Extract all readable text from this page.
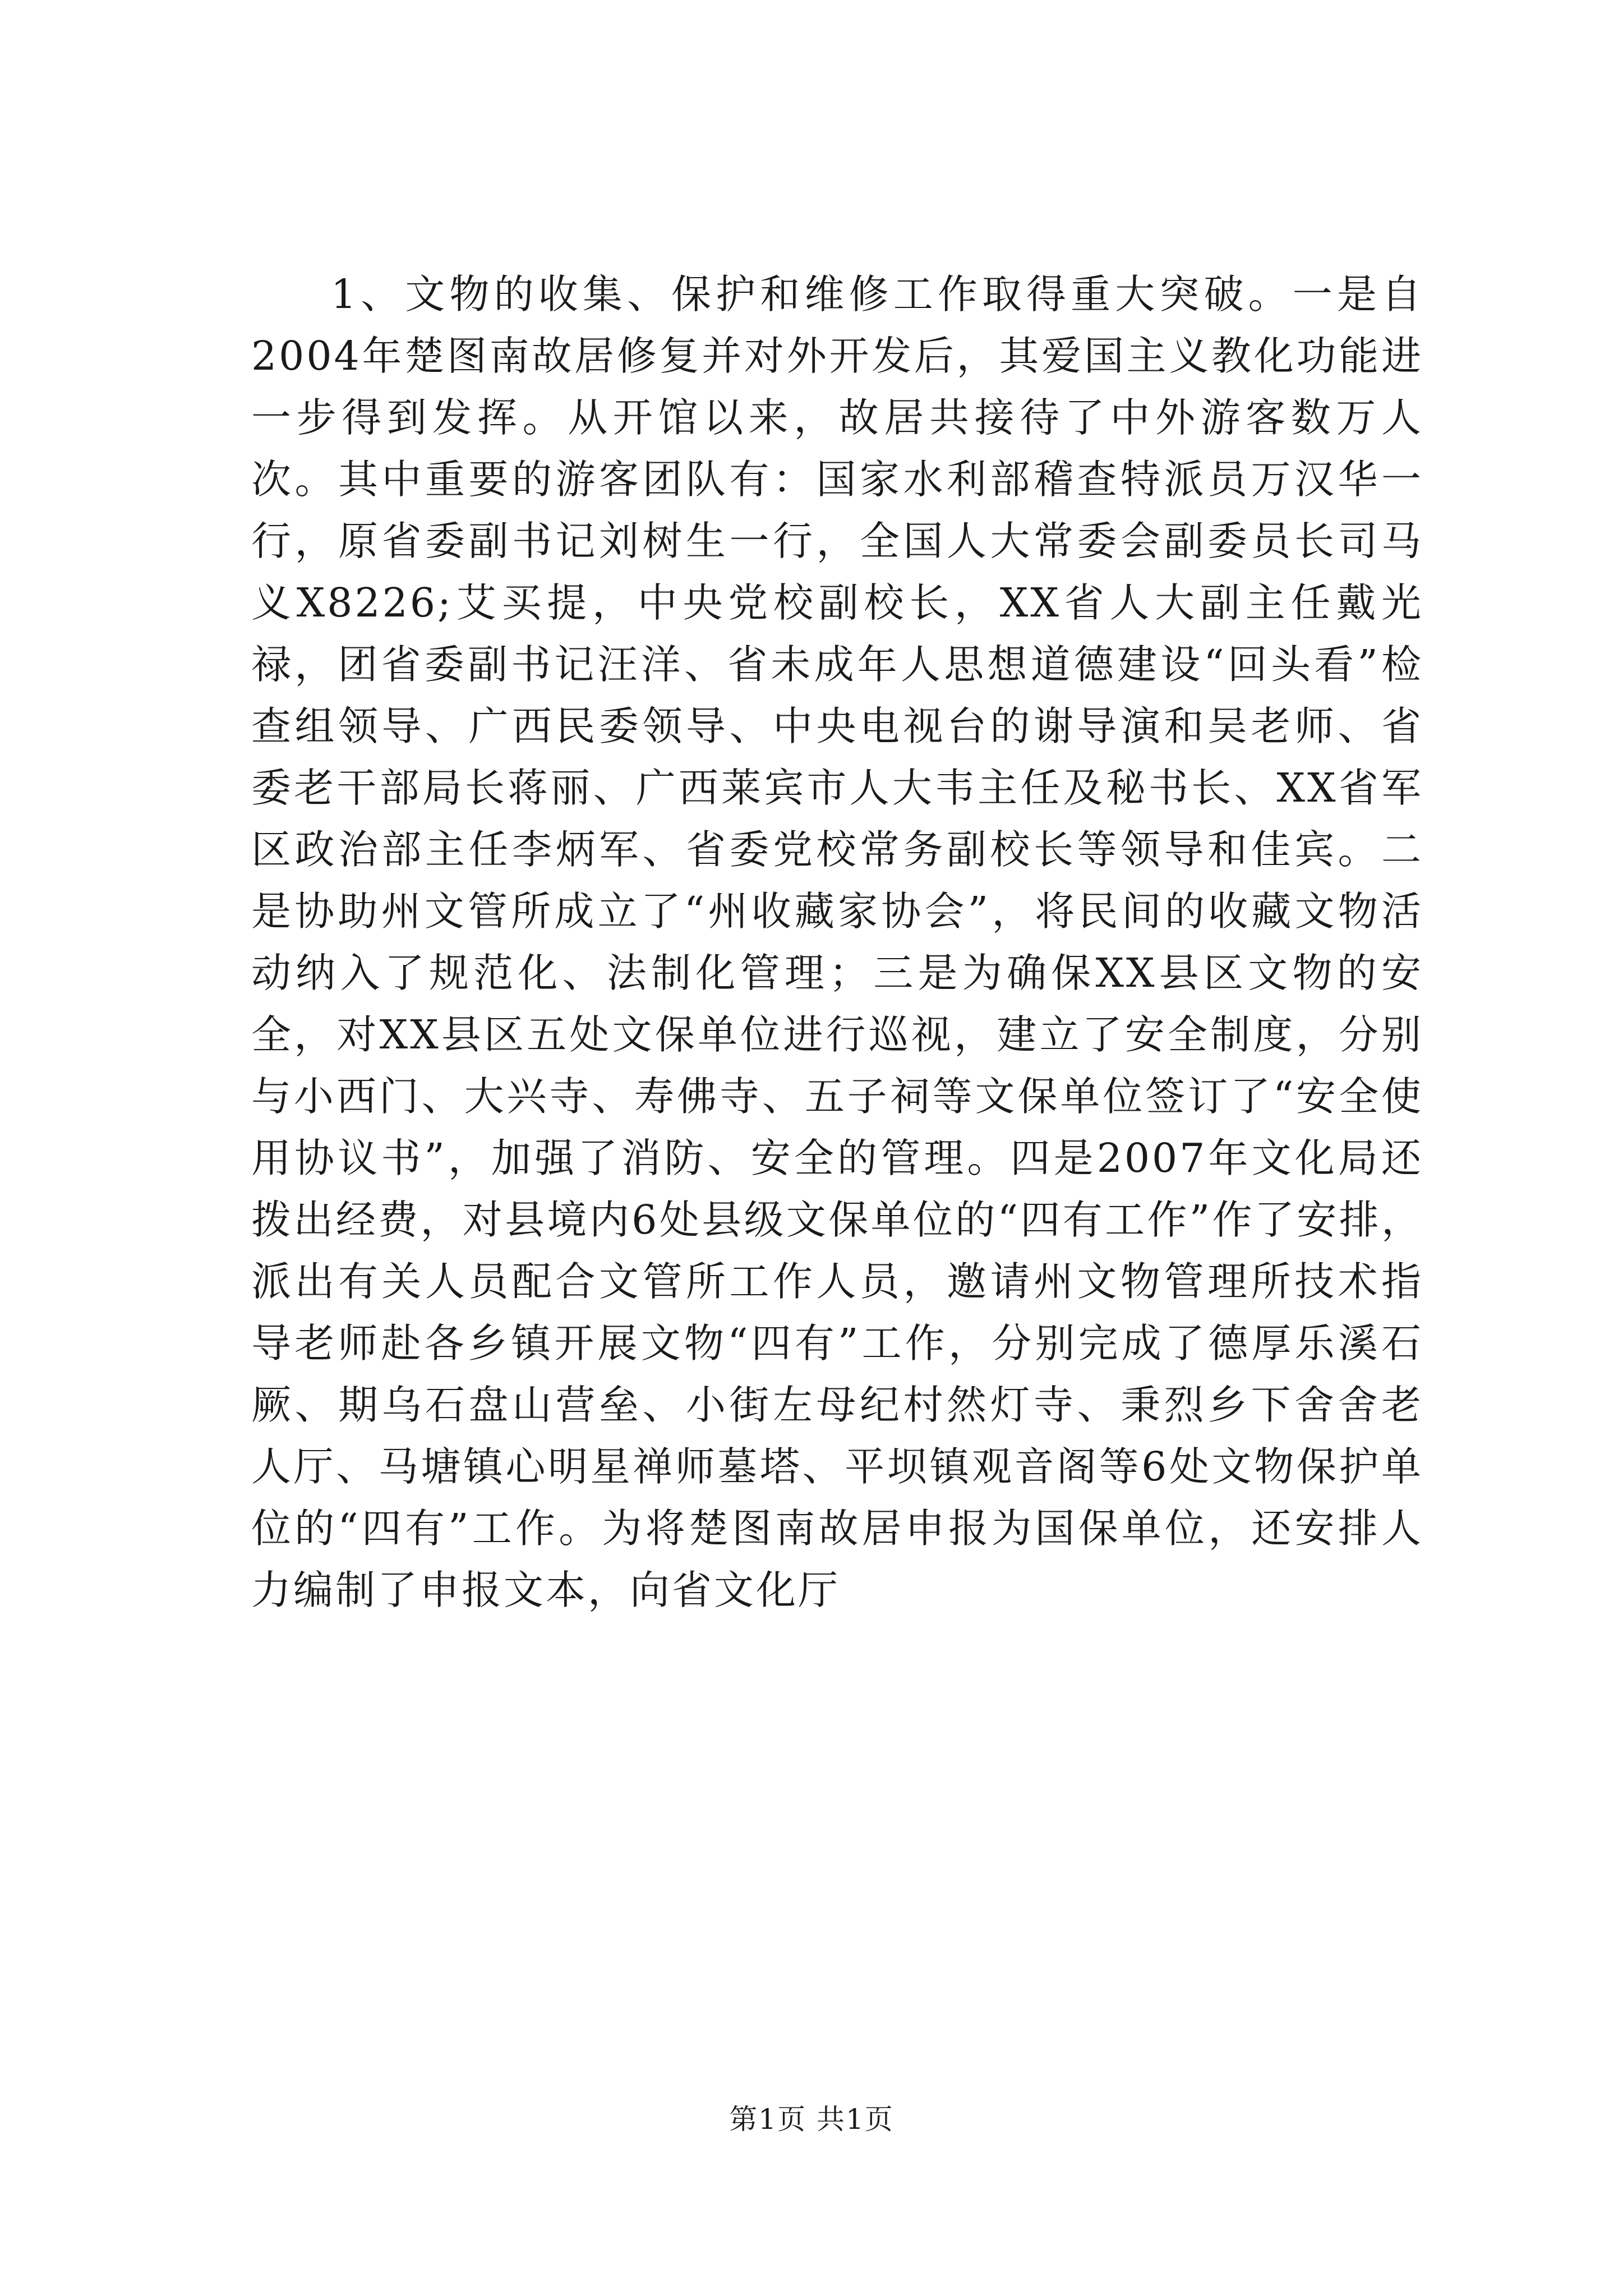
1、文物的收集、保护和维修工作取得重大突破。一是自2004年楚图南故居修复并对外开发后，其爱国主义教化功能进一步得到发挥。从开馆以来，故居共接待了中外游客数万人次。其中重要的游客团队有：国家水利部稽查特派员万汉华一行，原省委副书记刘树生一行，全国人大常委会副委员长司马义X8226;艾买提，中央党校副校长，XX省人大副主任戴光禄，团省委副书记汪洋、省未成年人思想道德建设“回头看”检查组领导、广西民委领导、中央电视台的谢导演和吴老师、省委老干部局长蒋丽、广西莱宾市人大韦主任及秘书长、XX省军区政治部主任李炳军、省委党校常务副校长等领导和佳宾。二是协助州文管所成立了“州收藏家协会”，将民间的收藏文物活动纳入了规范化、法制化管理；三是为确保XX县区文物的安全，对XX县区五处文保单位进行巡视，建立了安全制度，分别与小西门、大兴寺、寿佛寺、五子祠等文保单位签订了“安全使用协议书”，加强了消防、安全的管理。四是2007年文化局还拨出经费，对县境内6处县级文保单位的“四有工作”作了安排，派出有关人员配合文管所工作人员，邀请州文物管理所技术指导老师赴各乡镇开展文物“四有”工作，分别完成了德厚乐溪石厥、期乌石盘山营垒、小街左母纪村然灯寺、秉烈乡下舍舍老人厅、马塘镇心明星禅师墓塔、平坝镇观音阁等6处文物保护单位的“四有”工作。为将楚图南故居申报为国保单位，还安排人力编制了申报文本，向省文化厅

第1页 共1页
